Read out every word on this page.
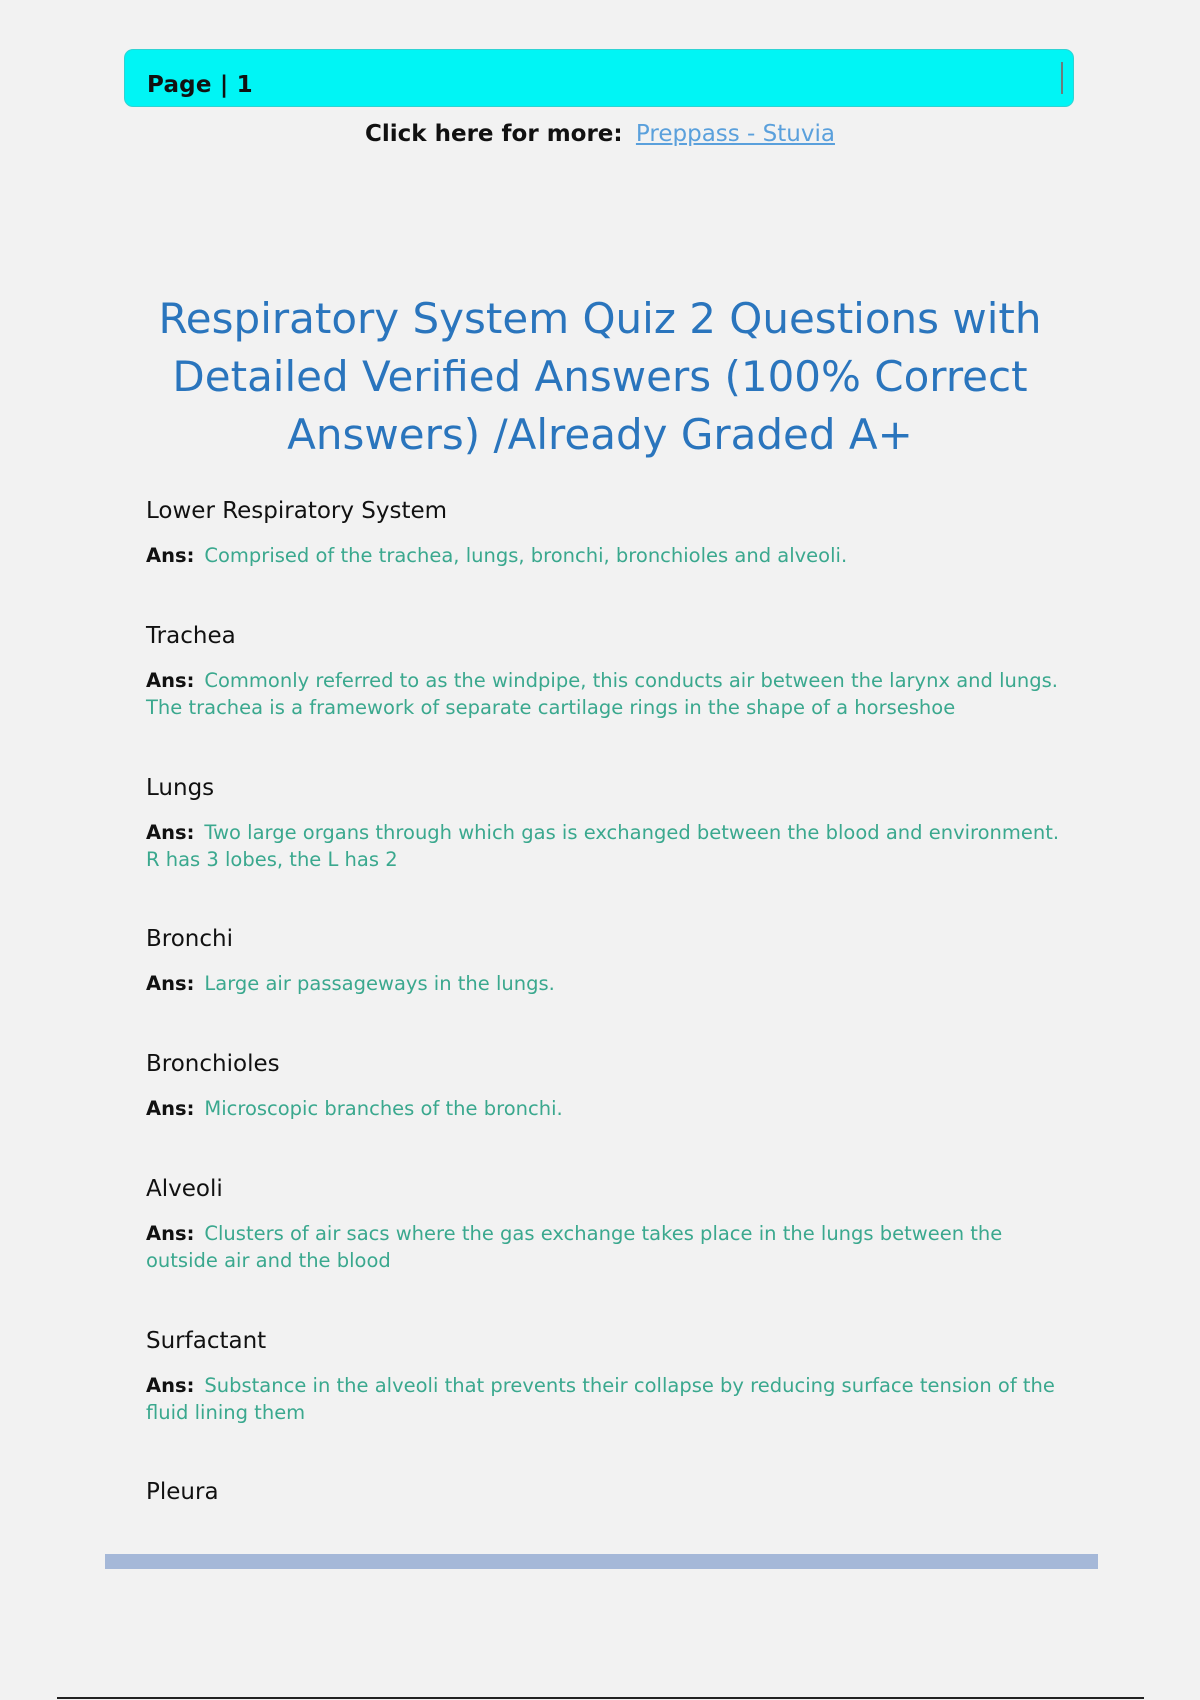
Page | 1
Click here for more: Preppass - Stuvia
Respiratory System Quiz 2 Questions with Detailed Verified Answers (100% Correct Answers) /Already Graded A+

Lower Respiratory System

Ans: Comprised of the trachea, lungs, bronchi, bronchioles and alveoli.

Trachea

Ans: Commonly referred to as the windpipe, this conducts air between the larynx and lungs. The trachea is a framework of separate cartilage rings in the shape of a horseshoe

Lungs

Ans: Two large organs through which gas is exchanged between the blood and environment. R has 3 lobes, the L has 2

Bronchi

Ans: Large air passageways in the lungs.

Bronchioles

Ans: Microscopic branches of the bronchi.

Alveoli

Ans: Clusters of air sacs where the gas exchange takes place in the lungs between the outside air and the blood

Surfactant

Ans: Substance in the alveoli that prevents their collapse by reducing surface tension of the fluid lining them

Pleura
